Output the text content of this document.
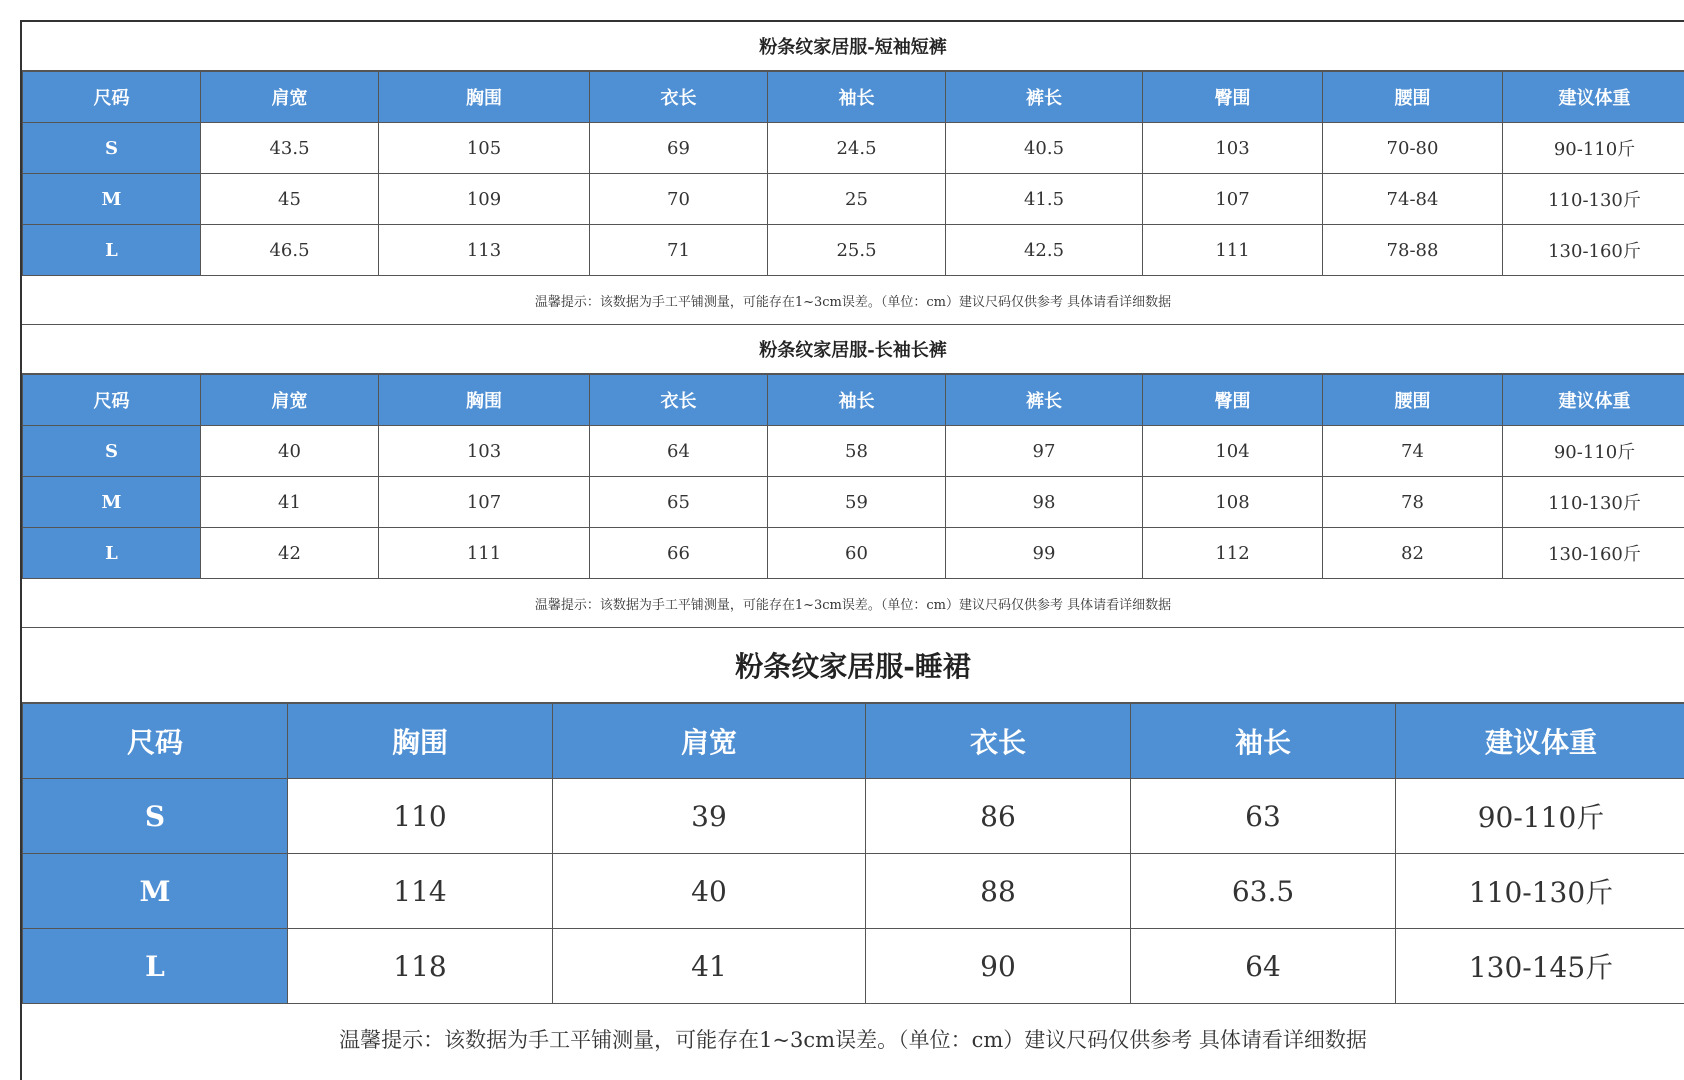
粉条纹家居服-短袖短裤
尺码	肩宽	胸围	衣长	袖长	裤长	臀围	腰围	建议体重
S	43.5	105	69	24.5	40.5	103	70-80	90-110斤
M	45	109	70	25	41.5	107	74-84	110-130斤
L	46.5	113	71	25.5	42.5	111	78-88	130-160斤
温馨提示：该数据为手工平铺测量，可能存在1~3cm误差。（单位：cm）建议尺码仅供参考 具体请看详细数据
粉条纹家居服-长袖长裤
尺码	肩宽	胸围	衣长	袖长	裤长	臀围	腰围	建议体重
S	40	103	64	58	97	104	74	90-110斤
M	41	107	65	59	98	108	78	110-130斤
L	42	111	66	60	99	112	82	130-160斤
温馨提示：该数据为手工平铺测量，可能存在1~3cm误差。（单位：cm）建议尺码仅供参考 具体请看详细数据
粉条纹家居服-睡裙
尺码	胸围	肩宽	衣长	袖长	建议体重
S	110	39	86	63	90-110斤
M	114	40	88	63.5	110-130斤
L	118	41	90	64	130-145斤
温馨提示：该数据为手工平铺测量，可能存在1~3cm误差。（单位：cm）建议尺码仅供参考 具体请看详细数据
